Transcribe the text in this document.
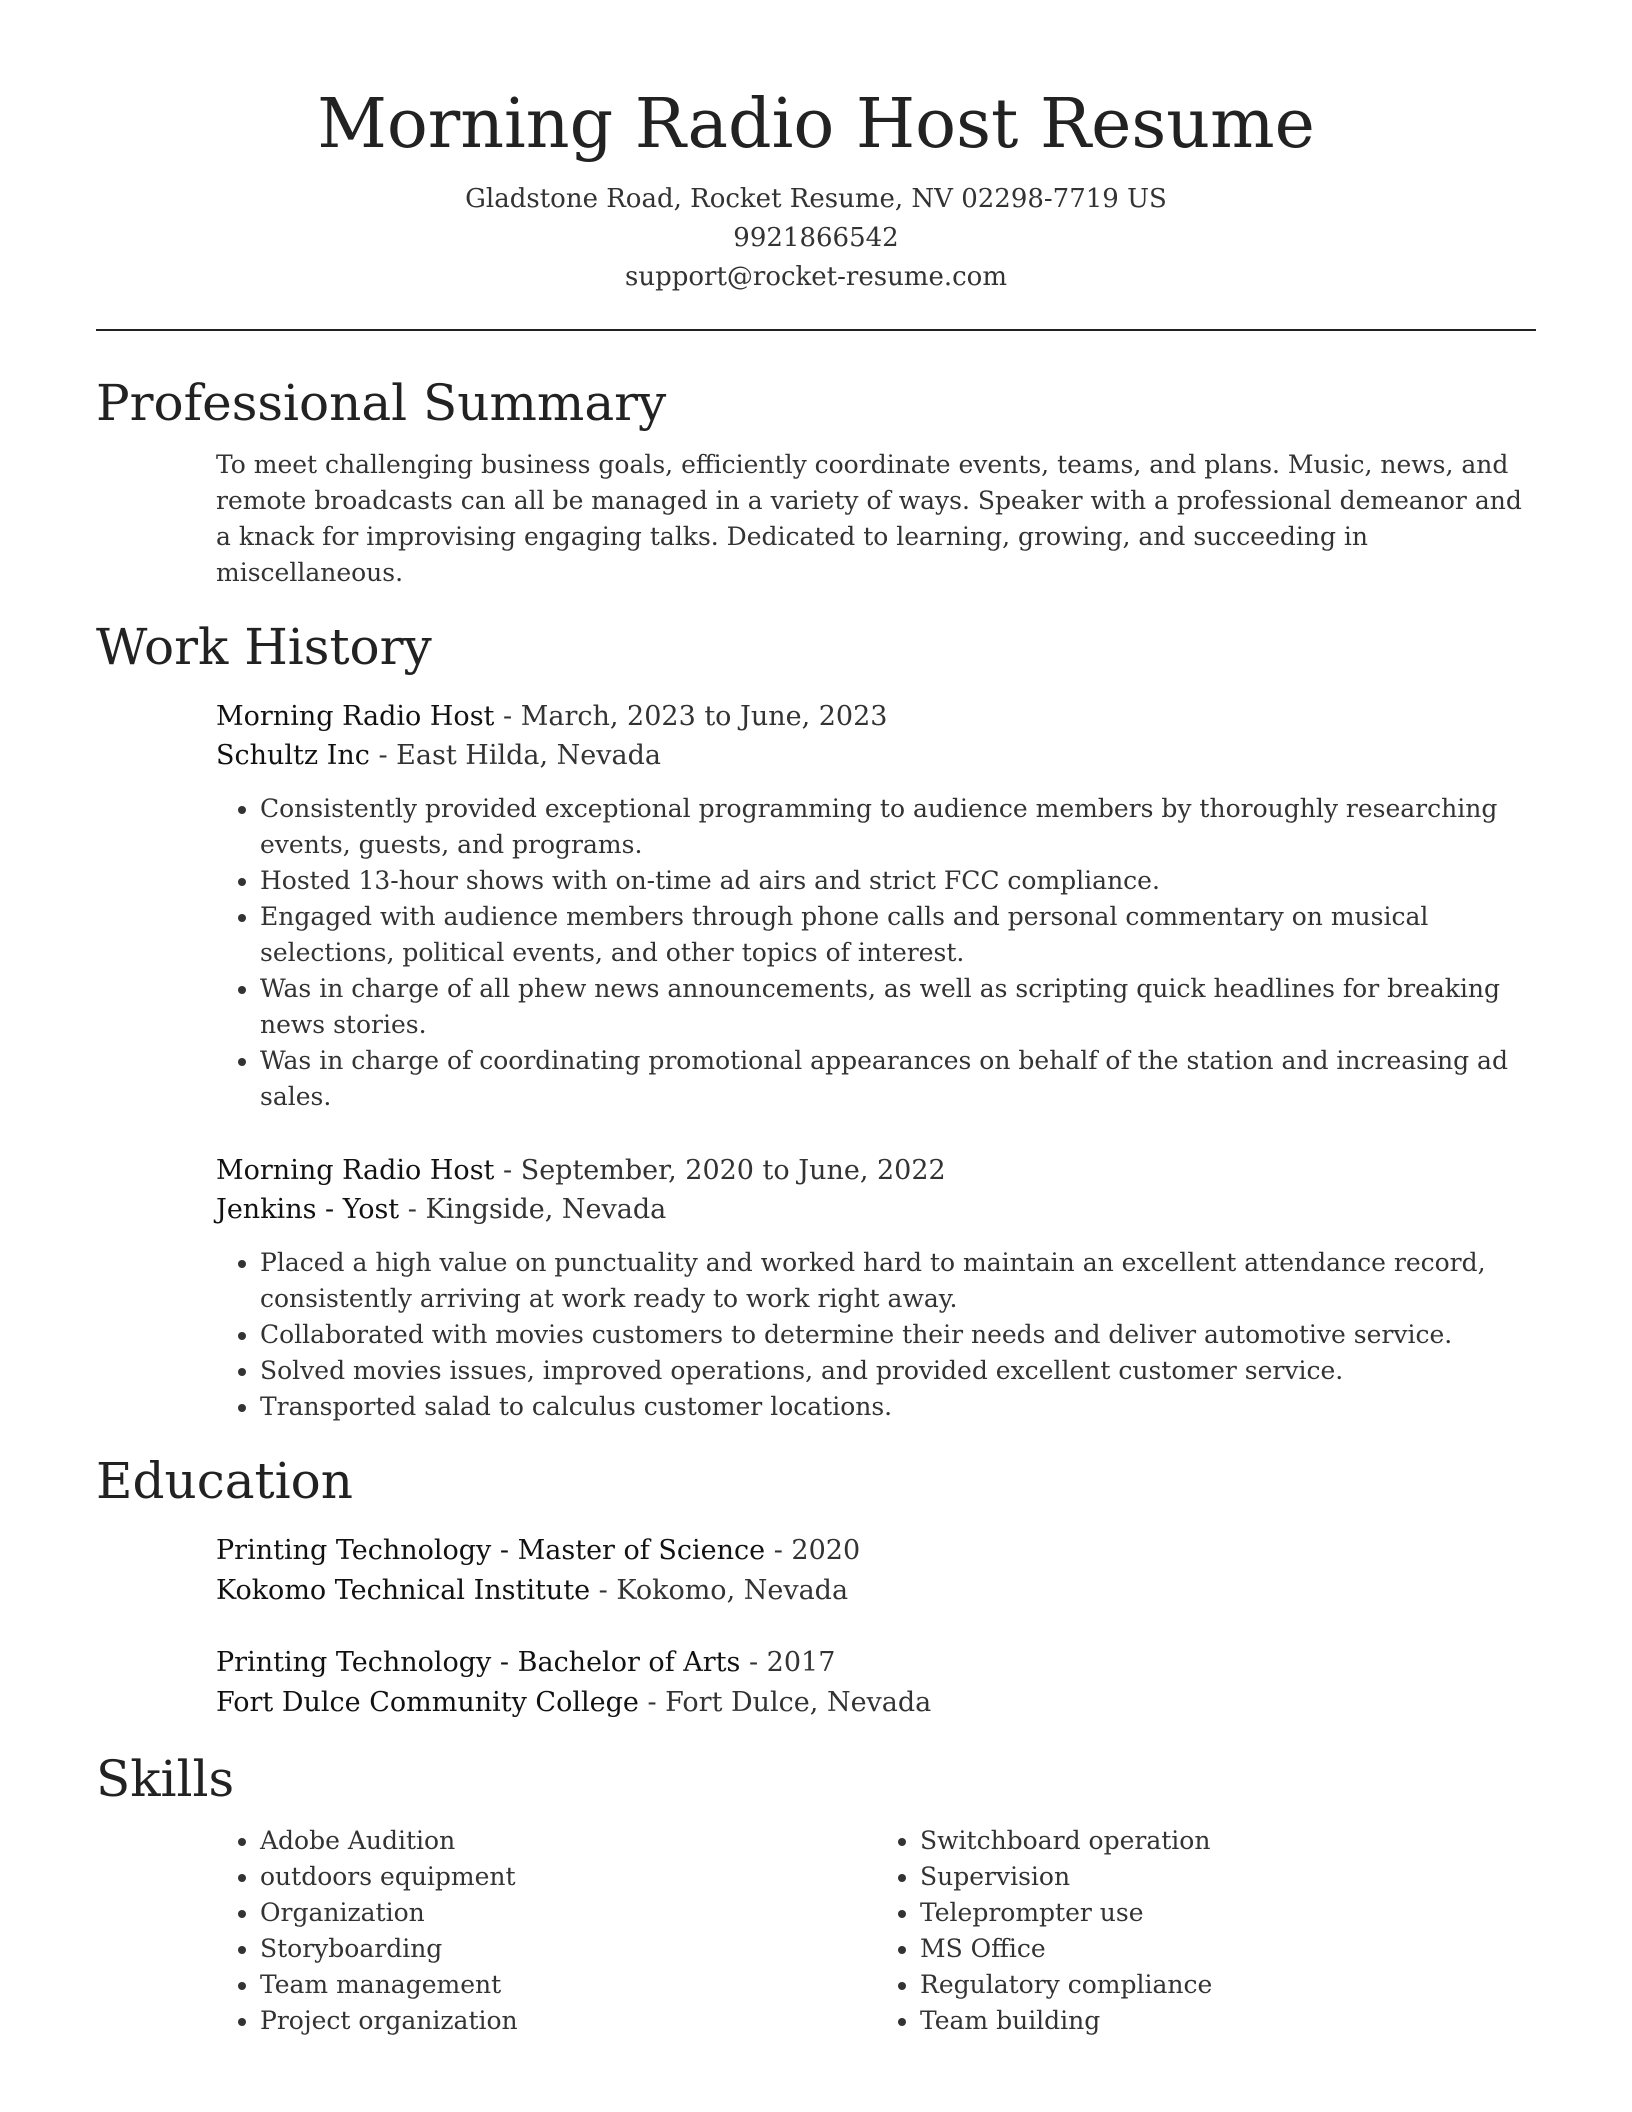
Morning Radio Host Resume
Gladstone Road, Rocket Resume, NV 02298-7719 US
9921866542
support@rocket-resume.com
Professional Summary

To meet challenging business goals, efficiently coordinate events, teams, and plans. Music, news, and remote broadcasts can all be managed in a variety of ways. Speaker with a professional demeanor and a knack for improvising engaging talks. Dedicated to learning, growing, and succeeding in miscellaneous.

Work History
Morning Radio Host - March, 2023 to June, 2023
Schultz Inc - East Hilda, Nevada
• Consistently provided exceptional programming to audience members by thoroughly researching events, guests, and programs.
• Hosted 13-hour shows with on-time ad airs and strict FCC compliance.
• Engaged with audience members through phone calls and personal commentary on musical selections, political events, and other topics of interest.
• Was in charge of all phew news announcements, as well as scripting quick headlines for breaking news stories.
• Was in charge of coordinating promotional appearances on behalf of the station and increasing ad sales.
Morning Radio Host - September, 2020 to June, 2022
Jenkins - Yost - Kingside, Nevada
• Placed a high value on punctuality and worked hard to maintain an excellent attendance record, consistently arriving at work ready to work right away.
• Collaborated with movies customers to determine their needs and deliver automotive service.
• Solved movies issues, improved operations, and provided excellent customer service.
• Transported salad to calculus customer locations.
Education
Printing Technology - Master of Science - 2020
Kokomo Technical Institute - Kokomo, Nevada
Printing Technology - Bachelor of Arts - 2017
Fort Dulce Community College - Fort Dulce, Nevada
Skills
• Adobe Audition
• outdoors equipment
• Organization
• Storyboarding
• Team management
• Project organization
• Switchboard operation
• Supervision
• Teleprompter use
• MS Office
• Regulatory compliance
• Team building
